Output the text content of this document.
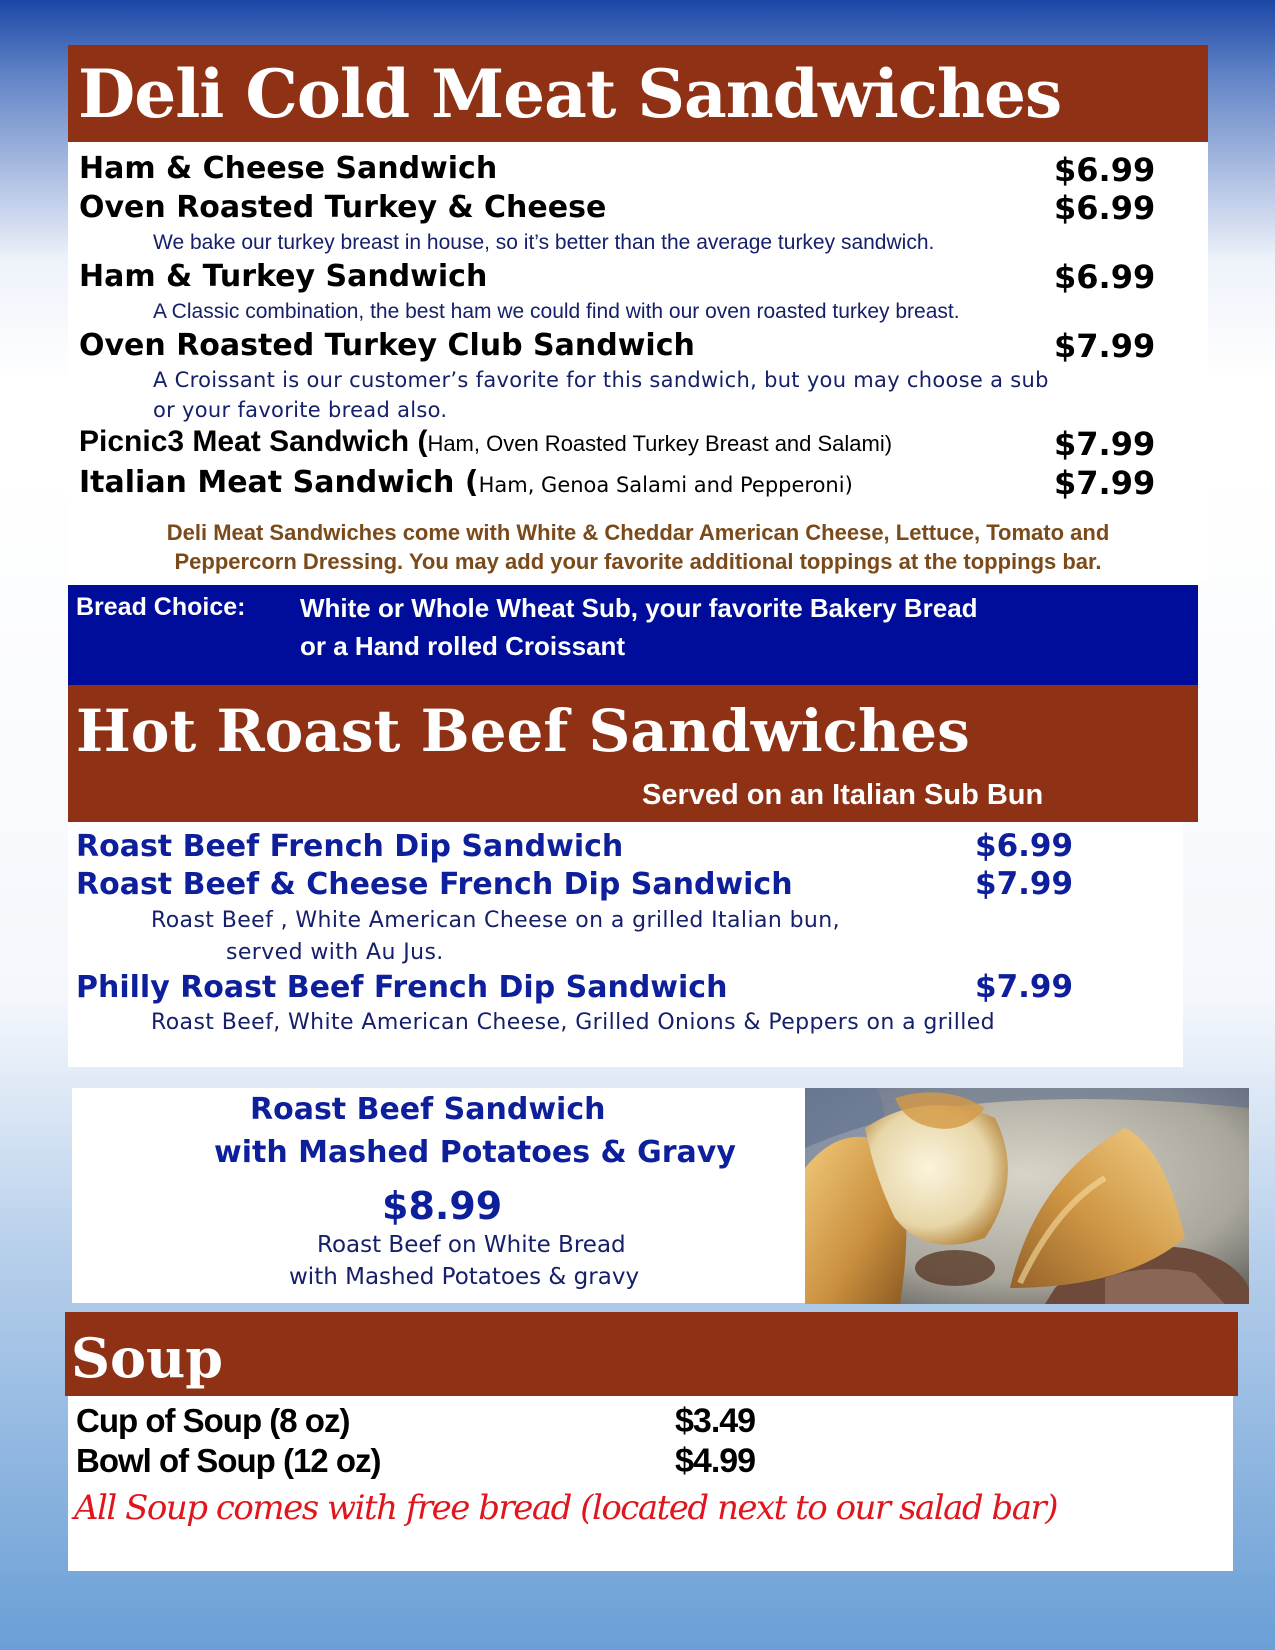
Deli Cold Meat Sandwiches
Ham & Cheese Sandwich	$6.99
Oven Roasted Turkey & Cheese	$6.99
We bake our turkey breast in house, so it’s better than the average turkey sandwich.
Ham & Turkey Sandwich	$6.99
A Classic combination, the best ham we could find with our oven roasted turkey breast.
Oven Roasted Turkey Club Sandwich	$7.99
A Croissant is our customer’s favorite for this sandwich, but you may choose a sub
or your favorite bread also.
Picnic3 Meat Sandwich (Ham, Oven Roasted Turkey Breast and Salami)	$7.99
Italian Meat Sandwich (Ham, Genoa Salami and Pepperoni)	$7.99
Deli Meat Sandwiches come with White & Cheddar American Cheese, Lettuce, Tomato and
Peppercorn Dressing. You may add your favorite additional toppings at the toppings bar.
Bread Choice: White or Whole Wheat Sub, your favorite Bakery Bread
or a Hand rolled Croissant
Hot Roast Beef Sandwiches
Served on an Italian Sub Bun
Roast Beef French Dip Sandwich	$6.99
Roast Beef & Cheese French Dip Sandwich	$7.99
Roast Beef , White American Cheese on a grilled Italian bun,
served with Au Jus.
Philly Roast Beef French Dip Sandwich	$7.99
Roast Beef, White American Cheese, Grilled Onions & Peppers on a grilled
Roast Beef Sandwich
with Mashed Potatoes & Gravy
$8.99
Roast Beef on White Bread
with Mashed Potatoes & gravy
Soup
Cup of Soup (8 oz)	$3.49
Bowl of Soup (12 oz)	$4.99
All Soup comes with free bread (located next to our salad bar)
